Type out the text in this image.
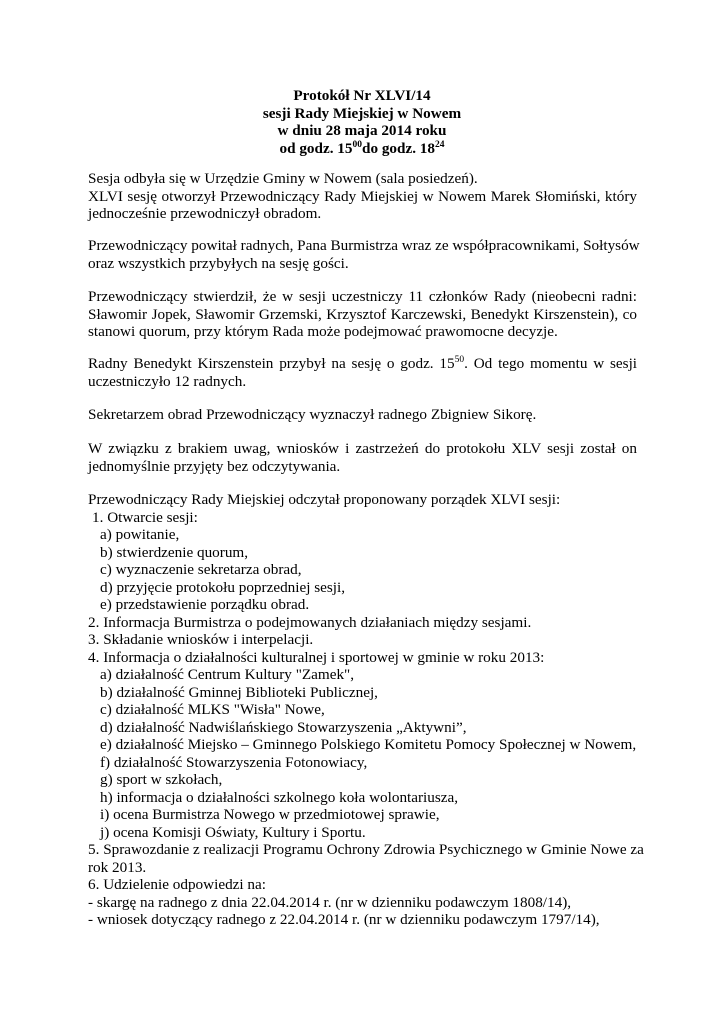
Protokół Nr XLVI/14
sesji Rady Miejskiej w Nowem
w dniu 28 maja 2014 roku
od godz. $15^{00}do$ godz. $18^{24}$
Sesja odbyła się w Urzędzie Gminy w Nowem (sala posiedzeń).
XLVI sesję otworzył Przewodniczący Rady Miejskiej w Nowem Marek Słomiński, który
jednocześnie przewodniczył obradom.
Przewodniczący powitał radnych, Pana Burmistrza wraz ze współpracownikami, Sołtysów
oraz wszystkich przybyłych na sesję gości.
Przewodniczący stwierdził, że w sesji uczestniczy 11 członków Rady (nieobecni radni:
Sławomir Jopek, Sławomir Grzemski, Krzysztof Karczewski, Benedykt Kirszenstein), co
stanowi quorum, przy którym Rada może podejmować prawomocne decyzje.
Radny Benedykt Kirszenstein przybył na sesję o godz. $15^{50}$. Od tego momentu w sesji
uczestniczyło 12 radnych.
Sekretarzem obrad Przewodniczący wyznaczył radnego Zbigniew Sikorę.
W związku z brakiem uwag, wniosków i zastrzeżeń do protokołu XLV sesji został on
jednomyślnie przyjęty bez odczytywania.
Przewodniczący Rady Miejskiej odczytał proponowany porządek XLVI sesji:
1. Otwarcie sesji:
a) powitanie,
b) stwierdzenie quorum,
c) wyznaczenie sekretarza obrad,
d) przyjęcie protokołu poprzedniej sesji,
e) przedstawienie porządku obrad.
2. Informacja Burmistrza o podejmowanych działaniach między sesjami.
3. Składanie wniosków i interpelacji.
4. Informacja o działalności kulturalnej i sportowej w gminie w roku 2013:
a) działalność Centrum Kultury "Zamek",
b) działalność Gminnej Biblioteki Publicznej,
c) działalność MLKS "Wisła" Nowe,
d) działalność Nadwiślańskiego Stowarzyszenia „Aktywni”,
e) działalność Miejsko – Gminnego Polskiego Komitetu Pomocy Społecznej w Nowem,
f) działalność Stowarzyszenia Fotonowiacy,
g) sport w szkołach,
h) informacja o działalności szkolnego koła wolontariusza,
i) ocena Burmistrza Nowego w przedmiotowej sprawie,
j) ocena Komisji Oświaty, Kultury i Sportu.
5. Sprawozdanie z realizacji Programu Ochrony Zdrowia Psychicznego w Gminie Nowe za
rok 2013.
6. Udzielenie odpowiedzi na:
- skargę na radnego z dnia 22.04.2014 r. (nr w dzienniku podawczym 1808/14),
- wniosek dotyczący radnego z 22.04.2014 r. (nr w dzienniku podawczym 1797/14),
